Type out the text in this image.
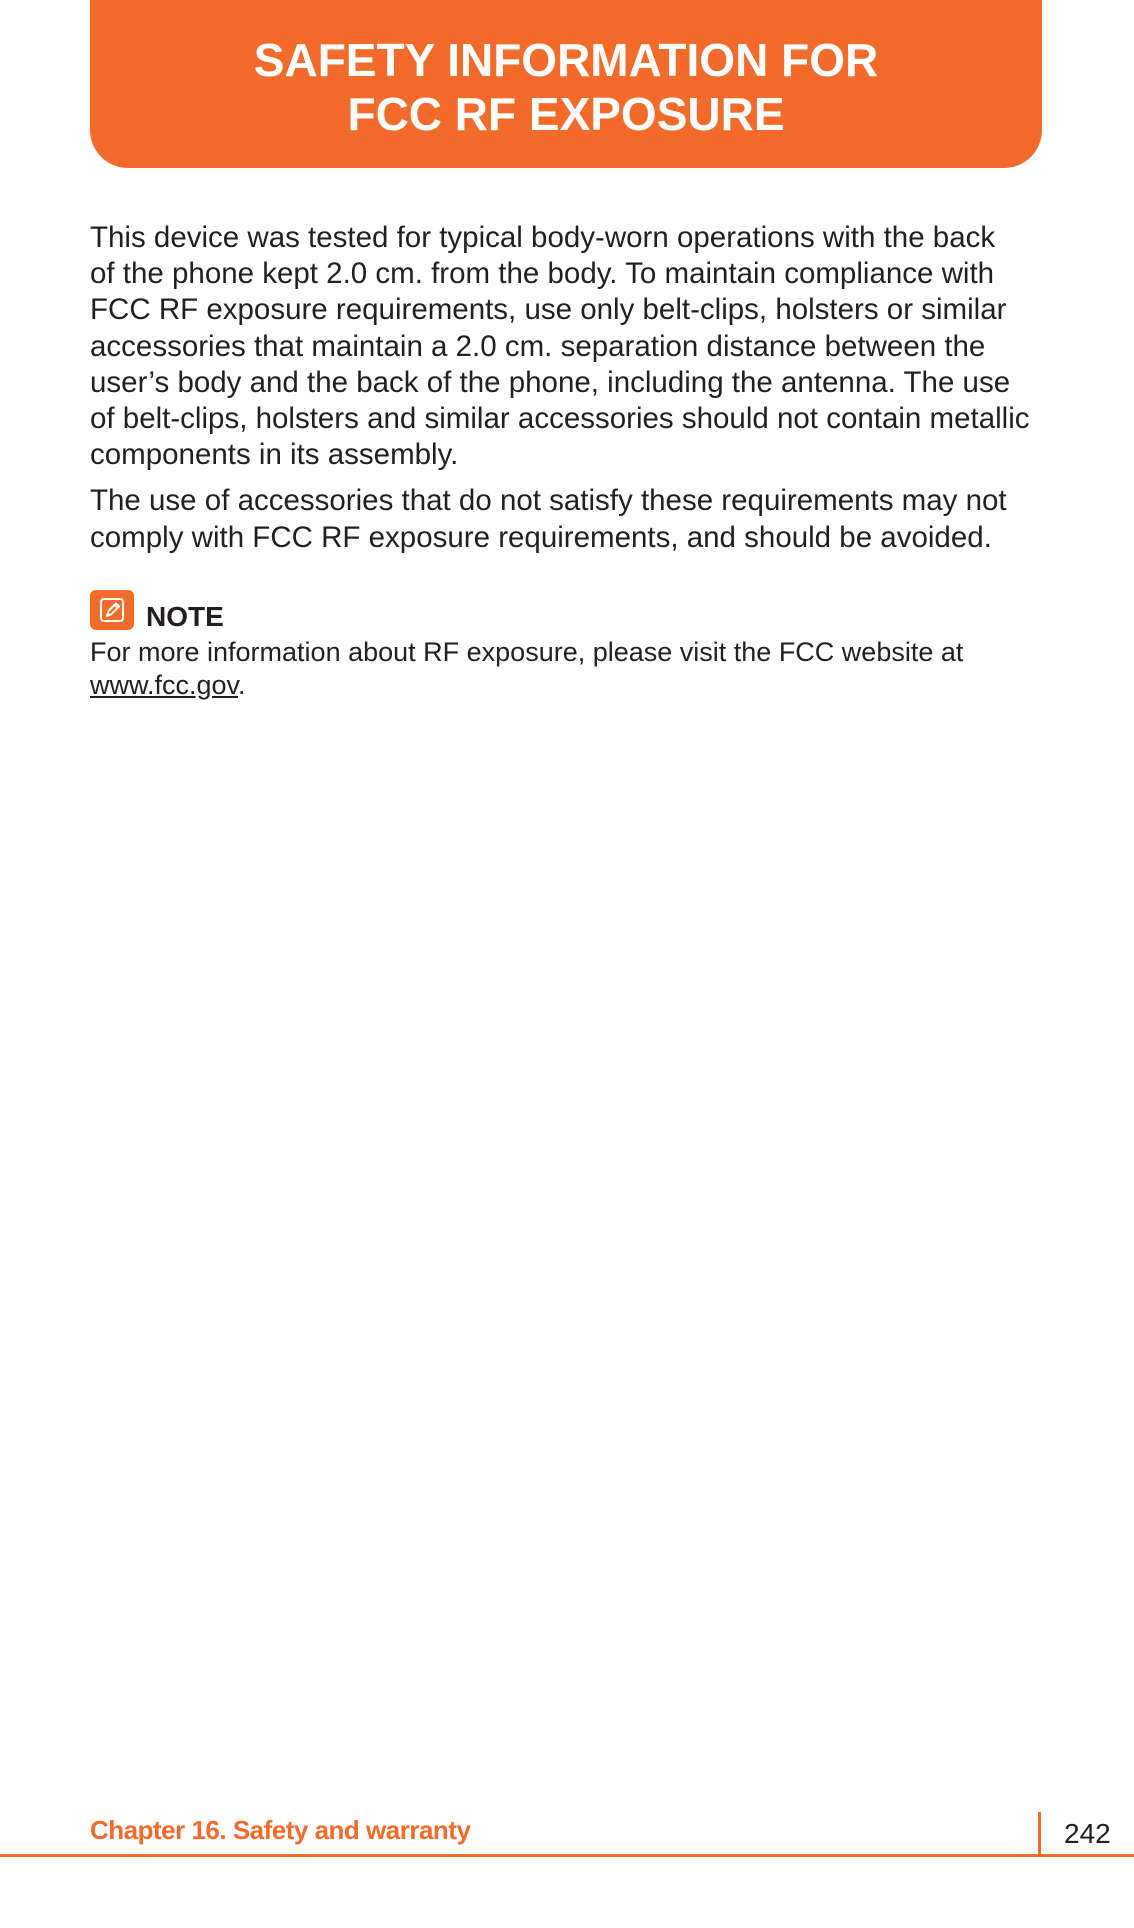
SAFETY INFORMATION FOR
FCC RF EXPOSURE

This device was tested for typical body-worn operations with the back
of the phone kept 2.0 cm. from the body. To maintain compliance with
FCC RF exposure requirements, use only belt-clips, holsters or similar
accessories that maintain a 2.0 cm. separation distance between the
user’s body and the back of the phone, including the antenna. The use
of belt-clips, holsters and similar accessories should not contain metallic
components in its assembly.

The use of accessories that do not satisfy these requirements may not
comply with FCC RF exposure requirements, and should be avoided.

NOTE
For more information about RF exposure, please visit the FCC website at
www.fcc.gov.
Chapter 16. Safety and warranty	242
